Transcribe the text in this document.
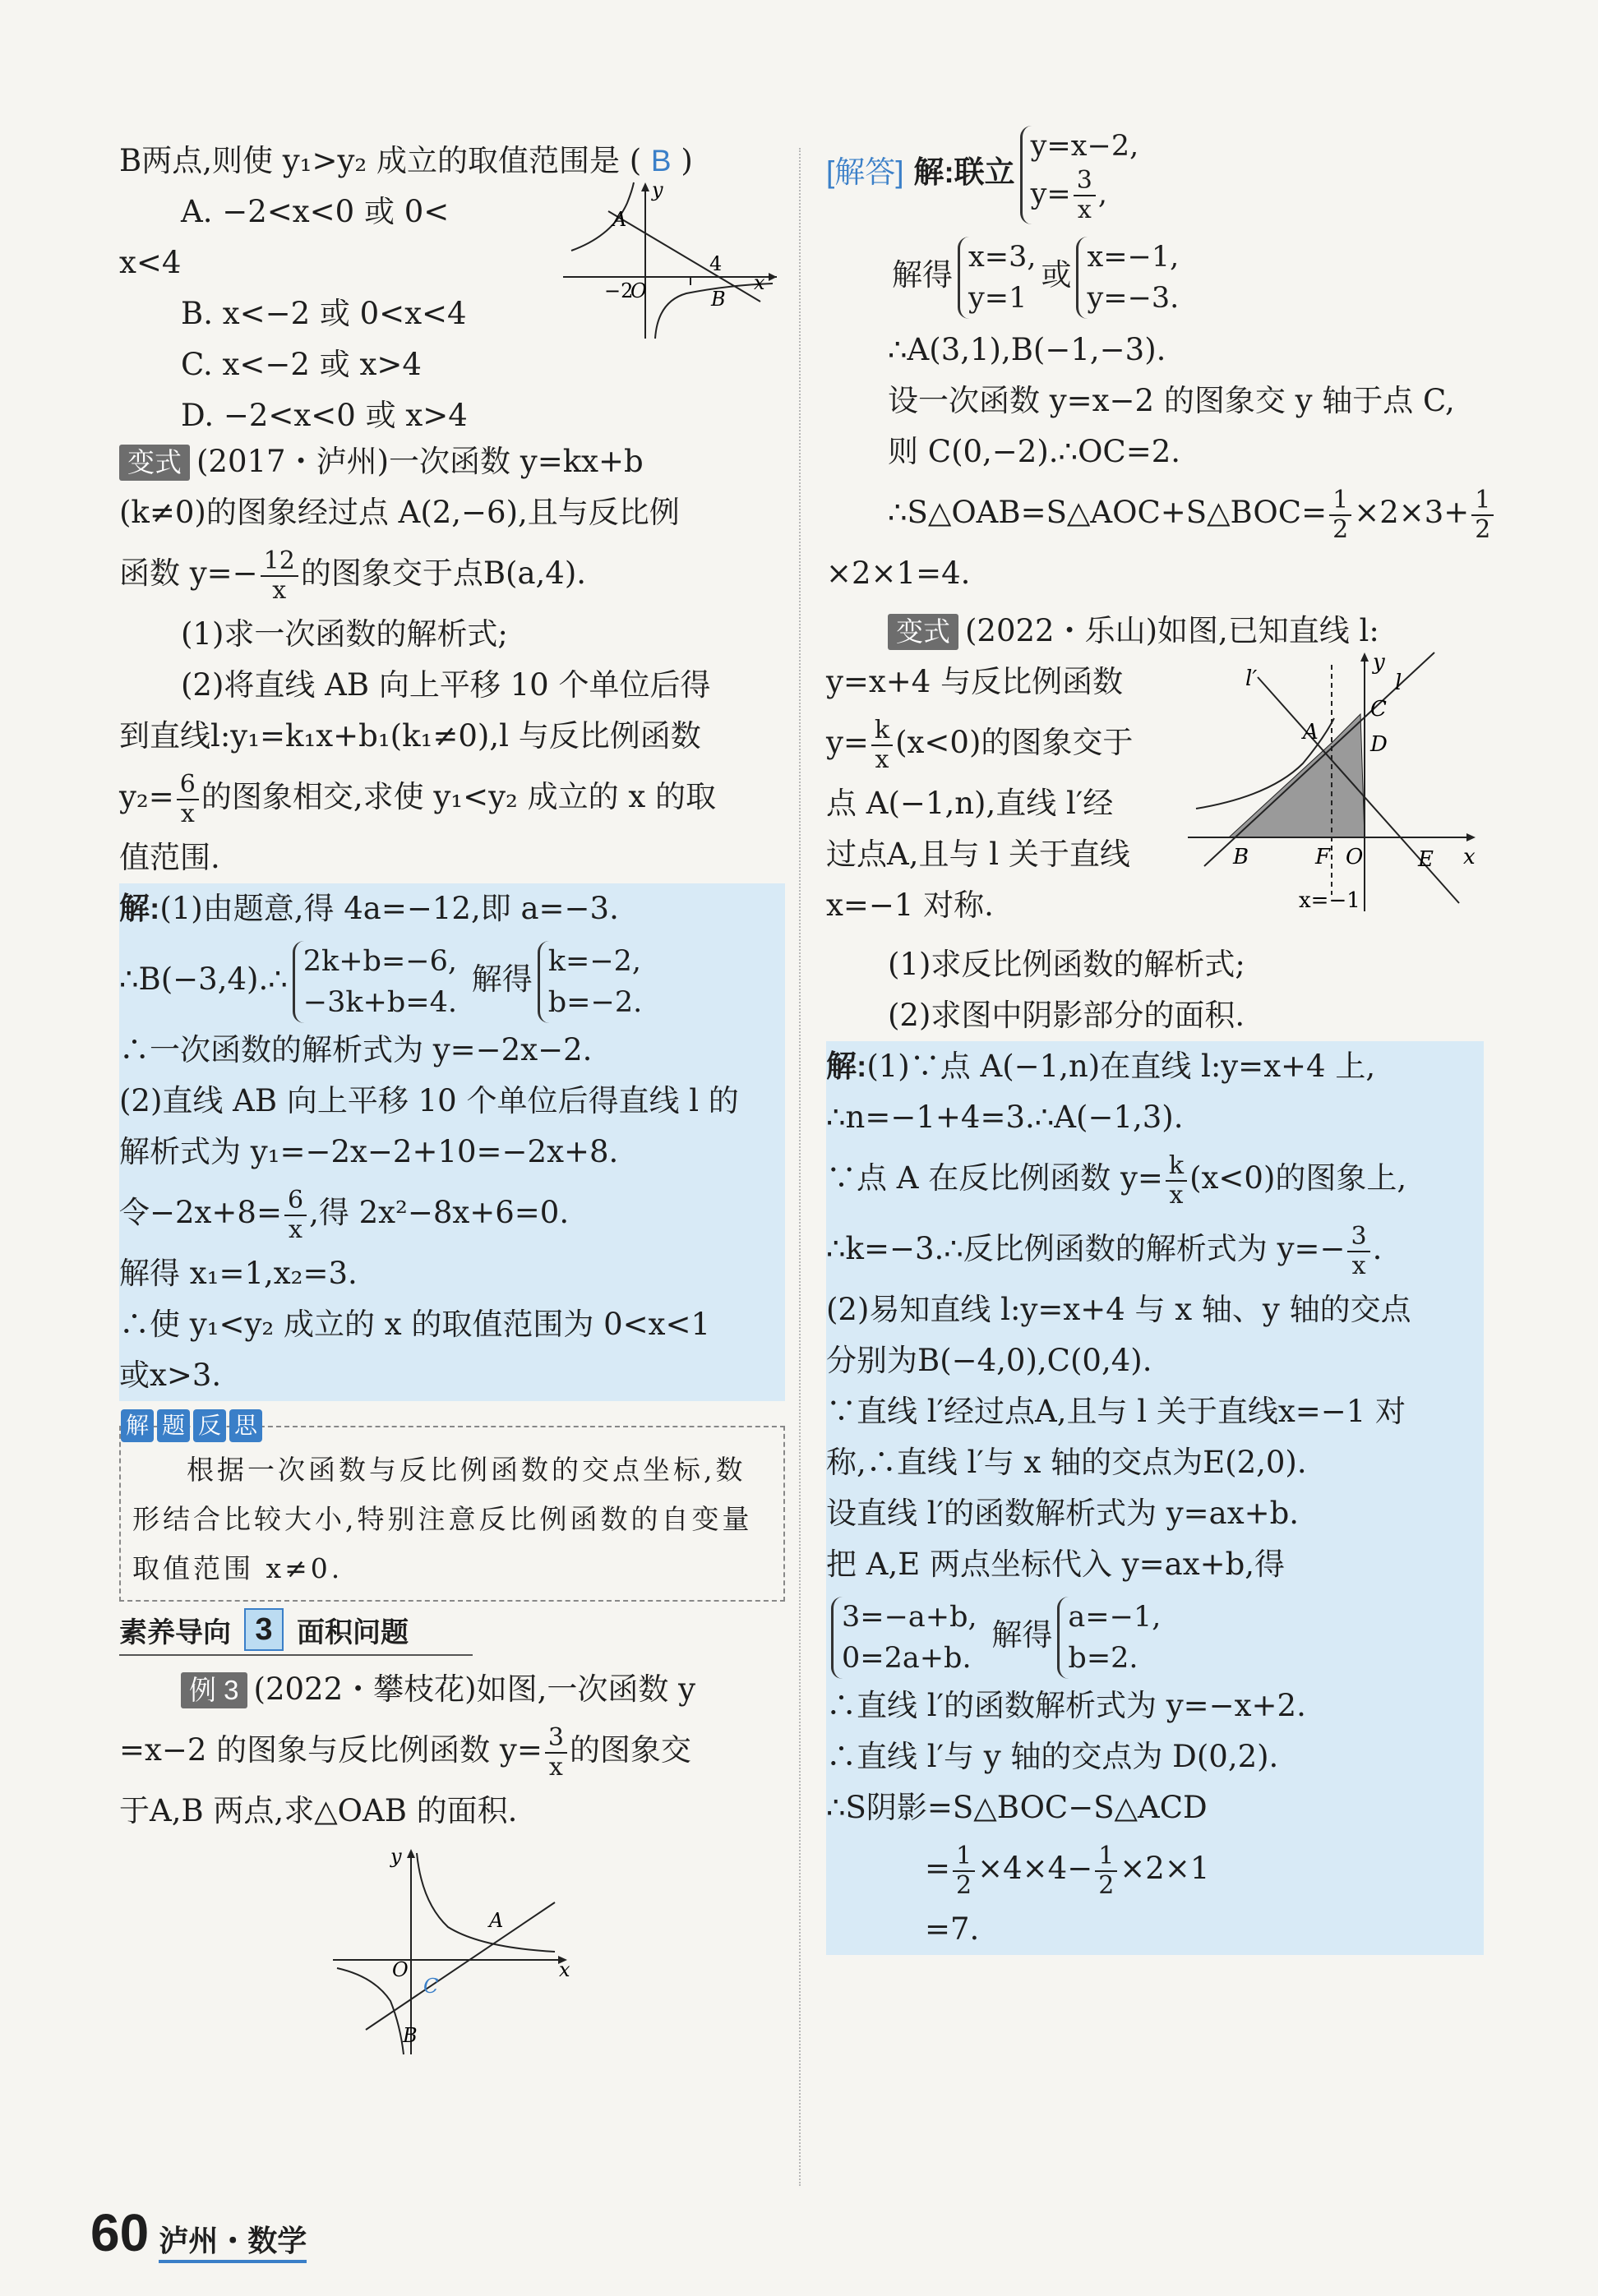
B两点,则使 y₁>y₂ 成立的取值范围是 ( B )

A. −2<x<0 或 0<

x<4

B. x<−2 或 0<x<4

C. x<−2 或 x>4

D. −2<x<0 或 x>4

x
y
A
B
4
−2
O

变式 (2017・泸州)一次函数 y=kx+b

(k≠0)的图象经过点 A(2,−6),且与反比例

函数 $y=- \frac{12}{x}$ 的图象交于点B(a,4).

(1)求一次函数的解析式;

(2)将直线 AB 向上平移 10 个单位后得

到直线l:y₁=k₁x+b₁(k₁≠0),l 与反比例函数

$y_2= \frac{6}{x}$ 的图象相交,求使 y₁<y₂ 成立的 x 的取

值范围.

解:(1)由题意,得 4a=−12,即 a=−3.

∴B(−3,4).∴
2k+b=−6,
−3k+b=4.
解得
k=−2,
b=−2.

∴一次函数的解析式为 y=−2x−2.

(2)直线 AB 向上平移 10 个单位后得直线 l 的

解析式为 y₁=−2x−2+10=−2x+8.

令$-2x+8= \frac{6}{x}$ ,得 2x²−8x+6=0.

解得 x₁=1,x₂=3.

∴使 y₁<y₂ 成立的 x 的取值范围为 0<x<1

或x>3.

解 题 反 思

根据一次函数与反比例函数的交点坐标,数形结合比较大小,特别注意反比例函数的自变量取值范围 x≠0.

素养导向 3 面积问题

例 3 (2022・攀枝花)如图,一次函数 y

=x−2 的图象与反比例函数 $y= \frac{3}{x}$ 的图象交

于A,B 两点,求△OAB 的面积.

x
y
A
B
C
O

[解答] 解:联立
y=x−2,
$y= \frac{3}{x}$ ,

解得
x=3,
y=1
或
x=−1,
y=−3.

∴A(3,1),B(−1,−3).

设一次函数 y=x−2 的图象交 y 轴于点 C,

则 C(0,−2).∴OC=2.

∴S△OAB=S△AOC+S△BOC= $\frac{1}{2} \times 2\times 3+ \frac{1}{2}$

×2×1=4.

变式 (2022・乐山)如图,已知直线 l:

y=x+4 与反比例函数

$y= \frac{k}{x} (x<0)$的图象交于

点 A(−1,n),直线 l′经

过点A,且与 l 关于直线

x=−1 对称.

l′
y
l
A
C
D
B	F O	E x
x=−1

(1)求反比例函数的解析式;

(2)求图中阴影部分的面积.

解:(1)∵点 A(−1,n)在直线 l:y=x+4 上,

∴n=−1+4=3.∴A(−1,3).

∵点 A 在反比例函数 $y= \frac{k}{x} (x<0)$的图象上,

∴k=−3.∴反比例函数的解析式为 $y=- \frac{3}{x}$ .

(2)易知直线 l:y=x+4 与 x 轴、y 轴的交点

分别为B(−4,0),C(0,4).

∵直线 l′经过点A,且与 l 关于直线x=−1 对

称,∴直线 l′与 x 轴的交点为E(2,0).

设直线 l′的函数解析式为 y=ax+b.

把 A,E 两点坐标代入 y=ax+b,得

3=−a+b,
0=2a+b.
解得
a=−1,
b=2.

∴直线 l′的函数解析式为 y=−x+2.

∴直线 l′与 y 轴的交点为 D(0,2).

∴S阴影=S△BOC−S△ACD

= $\frac{1}{2} \times 4\times 4- \frac{1}{2} \times 2\times 1$

=7.

60 泸州・数学
